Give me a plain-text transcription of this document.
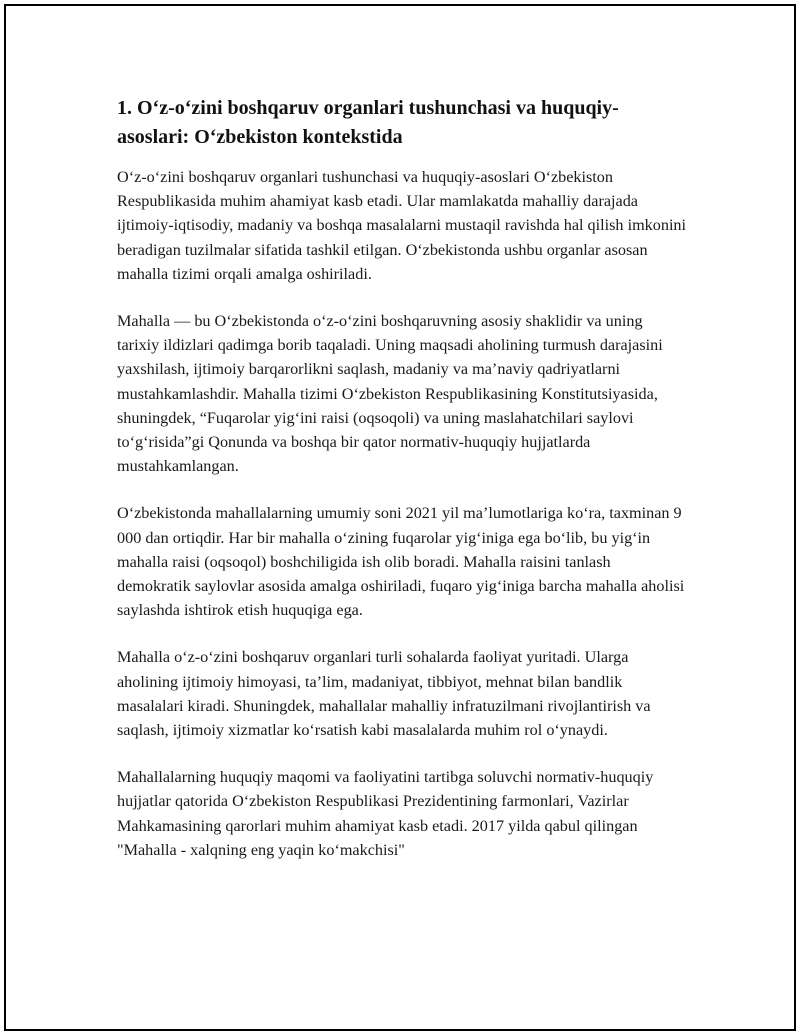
1. O‘z-o‘zini boshqaruv organlari tushunchasi va huquqiy-
asoslari: O‘zbekiston kontekstida

O‘z-o‘zini boshqaruv organlari tushunchasi va huquqiy-asoslari O‘zbekiston Respublikasida muhim ahamiyat kasb etadi. Ular mamlakatda mahalliy darajada ijtimoiy-iqtisodiy, madaniy va boshqa masalalarni mustaqil ravishda hal qilish imkonini beradigan tuzilmalar sifatida tashkil etilgan. O‘zbekistonda ushbu organlar asosan mahalla tizimi orqali amalga oshiriladi.

Mahalla — bu O‘zbekistonda o‘z-o‘zini boshqaruvning asosiy shaklidir va uning tarixiy ildizlari qadimga borib taqaladi. Uning maqsadi aholining turmush darajasini yaxshilash, ijtimoiy barqarorlikni saqlash, madaniy va ma’naviy qadriyatlarni mustahkamlashdir. Mahalla tizimi O‘zbekiston Respublikasining Konstitutsiyasida, shuningdek, “Fuqarolar yig‘ini raisi (oqsoqoli) va uning maslahatchilari saylovi to‘g‘risida”gi Qonunda va boshqa bir qator normativ-huquqiy hujjatlarda mustahkamlangan.

O‘zbekistonda mahallalarning umumiy soni 2021 yil ma’lumotlariga ko‘ra, taxminan 9 000 dan ortiqdir. Har bir mahalla o‘zining fuqarolar yig‘iniga ega bo‘lib, bu yig‘in mahalla raisi (oqsoqol) boshchiligida ish olib boradi. Mahalla raisini tanlash demokratik saylovlar asosida amalga oshiriladi, fuqaro yig‘iniga barcha mahalla aholisi saylashda ishtirok etish huquqiga ega.

Mahalla o‘z-o‘zini boshqaruv organlari turli sohalarda faoliyat yuritadi. Ularga aholining ijtimoiy himoyasi, ta’lim, madaniyat, tibbiyot, mehnat bilan bandlik masalalari kiradi. Shuningdek, mahallalar mahalliy infratuzilmani rivojlantirish va saqlash, ijtimoiy xizmatlar ko‘rsatish kabi masalalarda muhim rol o‘ynaydi.

Mahallalarning huquqiy maqomi va faoliyatini tartibga soluvchi normativ-huquqiy hujjatlar qatorida O‘zbekiston Respublikasi Prezidentining farmonlari, Vazirlar Mahkamasining qarorlari muhim ahamiyat kasb etadi. 2017 yilda qabul qilingan "Mahalla - xalqning eng yaqin ko‘makchisi"
